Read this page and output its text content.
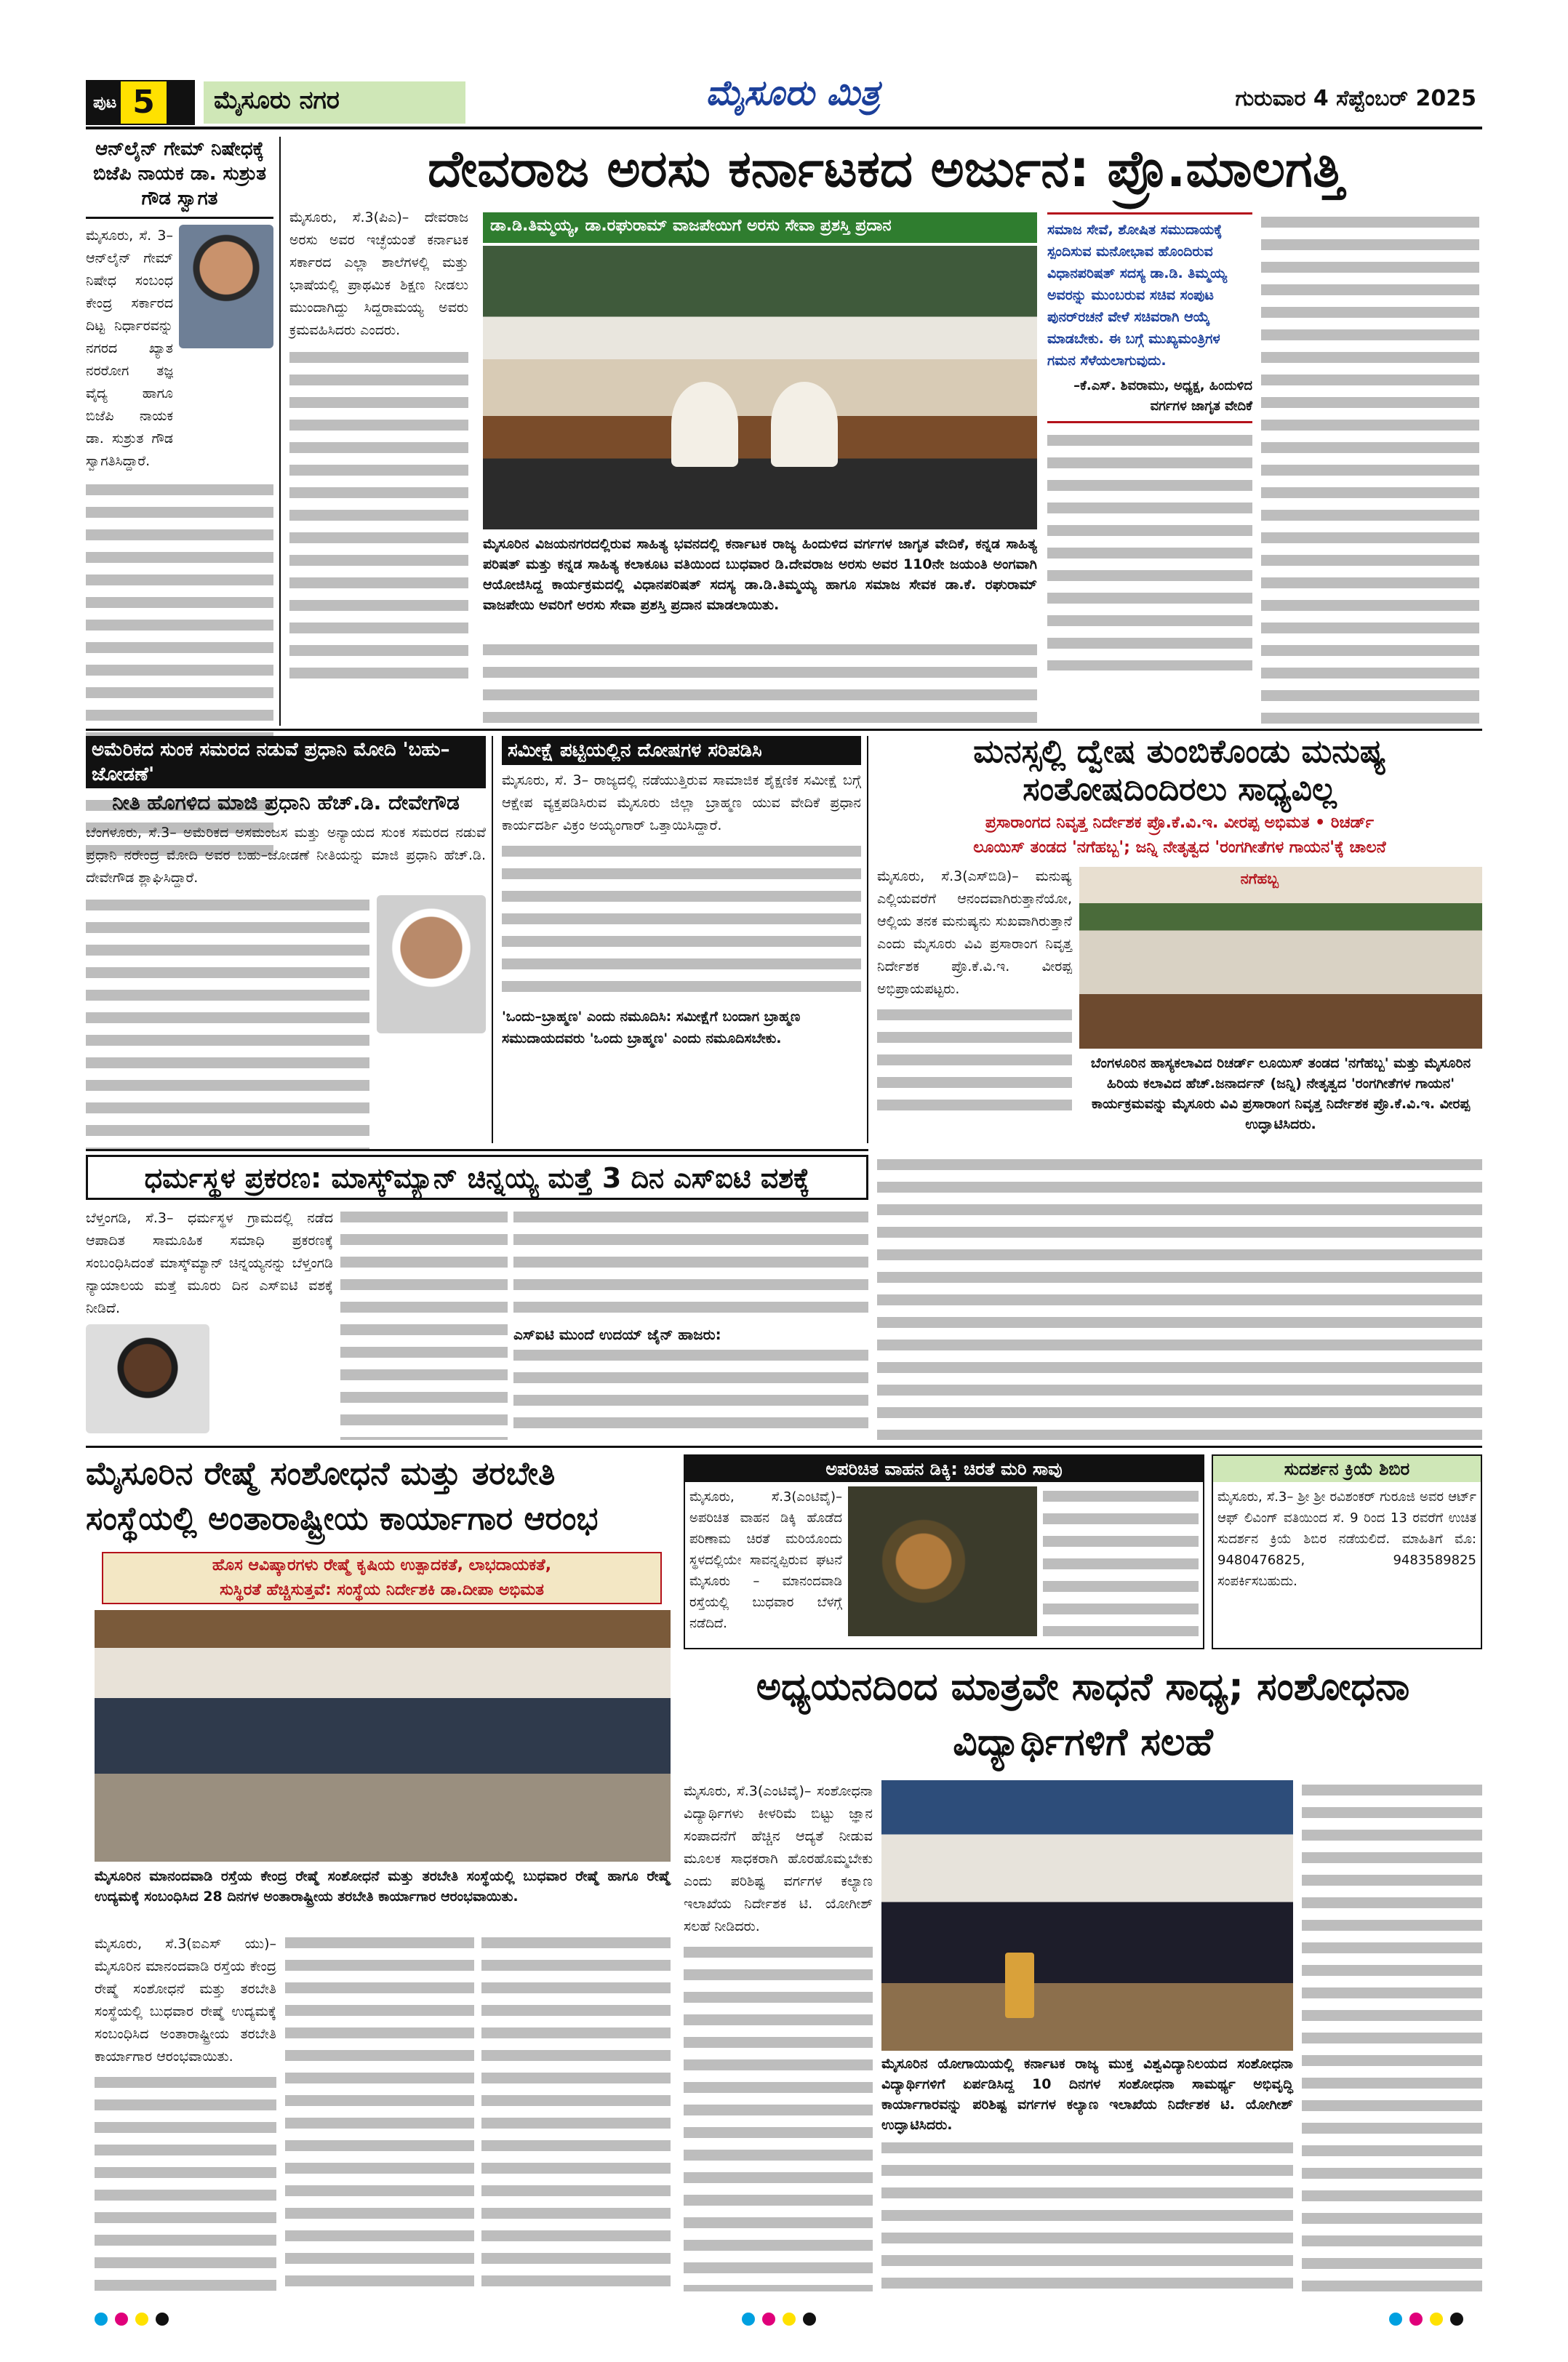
ಪುಟ 5	ಮೈಸೂರು ನಗರ	ಮೈಸೂರು ಮಿತ್ರ	ಗುರುವಾರ 4 ಸೆಪ್ಟೆಂಬರ್ 2025
ಆನ್‌ಲೈನ್ ಗೇಮ್ ನಿಷೇಧಕ್ಕೆ ಬಿಜೆಪಿ ನಾಯಕ ಡಾ. ಸುಶ್ರುತ ಗೌಡ ಸ್ವಾಗತ
ಮೈಸೂರು, ಸೆ. 3– ಆನ್‌ಲೈನ್ ಗೇಮ್ ನಿಷೇಧ ಸಂಬಂಧ ಕೇಂದ್ರ ಸರ್ಕಾರದ ದಿಟ್ಟ ನಿರ್ಧಾರವನ್ನು ನಗರದ ಖ್ಯಾತ ನರರೋಗ ತಜ್ಞ ವೈದ್ಯ ಹಾಗೂ ಬಿಜೆಪಿ ನಾಯಕ ಡಾ. ಸುಶ್ರುತ ಗೌಡ ಸ್ವಾಗತಿಸಿದ್ದಾರೆ.
ದೇವರಾಜ ಅರಸು ಕರ್ನಾಟಕದ ಅರ್ಜುನ: ಪ್ರೊ.ಮಾಲಗತ್ತಿ
ಮೈಸೂರು, ಸೆ.3(ಪಿಎ)– ದೇವರಾಜ ಅರಸು ಅವರ ಇಚ್ಛೆಯಂತೆ ಕರ್ನಾಟಕ ಸರ್ಕಾರದ ಎಲ್ಲಾ ಶಾಲೆಗಳಲ್ಲಿ ಮತ್ತು ಭಾಷೆಯಲ್ಲಿ ಪ್ರಾಥಮಿಕ ಶಿಕ್ಷಣ ನೀಡಲು ಮುಂದಾಗಿದ್ದು ಸಿದ್ದರಾಮಯ್ಯ ಅವರು ಕ್ರಮವಹಿಸಿದರು ಎಂದರು.
ಡಾ.ಡಿ.ತಿಮ್ಮಯ್ಯ, ಡಾ.ರಘುರಾಮ್ ವಾಜಪೇಯಿಗೆ ಅರಸು ಸೇವಾ ಪ್ರಶಸ್ತಿ ಪ್ರದಾನ
ಮೈಸೂರಿನ ವಿಜಯನಗರದಲ್ಲಿರುವ ಸಾಹಿತ್ಯ ಭವನದಲ್ಲಿ ಕರ್ನಾಟಕ ರಾಜ್ಯ ಹಿಂದುಳಿದ ವರ್ಗಗಳ ಜಾಗೃತ ವೇದಿಕೆ, ಕನ್ನಡ ಸಾಹಿತ್ಯ ಪರಿಷತ್ ಮತ್ತು ಕನ್ನಡ ಸಾಹಿತ್ಯ ಕಲಾಕೂಟ ವತಿಯಿಂದ ಬುಧವಾರ ಡಿ.ದೇವರಾಜ ಅರಸು ಅವರ 110ನೇ ಜಯಂತಿ ಅಂಗವಾಗಿ ಆಯೋಜಿಸಿದ್ದ ಕಾರ್ಯಕ್ರಮದಲ್ಲಿ ವಿಧಾನಪರಿಷತ್ ಸದಸ್ಯ ಡಾ.ಡಿ.ತಿಮ್ಮಯ್ಯ ಹಾಗೂ ಸಮಾಜ ಸೇವಕ ಡಾ.ಕೆ. ರಘುರಾಮ್ ವಾಜಪೇಯಿ ಅವರಿಗೆ ಅರಸು ಸೇವಾ ಪ್ರಶಸ್ತಿ ಪ್ರದಾನ ಮಾಡಲಾಯಿತು.
ಸಮಾಜ ಸೇವೆ, ಶೋಷಿತ ಸಮುದಾಯಕ್ಕೆ ಸ್ಪಂದಿಸುವ ಮನೋಭಾವ ಹೊಂದಿರುವ ವಿಧಾನಪರಿಷತ್ ಸದಸ್ಯ ಡಾ.ಡಿ. ತಿಮ್ಮಯ್ಯ ಅವರನ್ನು ಮುಂಬರುವ ಸಚಿವ ಸಂಪುಟ ಪುನರ್‌ರಚನೆ ವೇಳೆ ಸಚಿವರಾಗಿ ಆಯ್ಕೆ ಮಾಡಬೇಕು. ಈ ಬಗ್ಗೆ ಮುಖ್ಯಮಂತ್ರಿಗಳ ಗಮನ ಸೆಳೆಯಲಾಗುವುದು.
–ಕೆ.ಎಸ್. ಶಿವರಾಮು, ಅಧ್ಯಕ್ಷ, ಹಿಂದುಳಿದ ವರ್ಗಗಳ ಜಾಗೃತ ವೇದಿಕೆ
ಅಮೆರಿಕದ ಸುಂಕ ಸಮರದ ನಡುವೆ ಪ್ರಧಾನಿ ಮೋದಿ 'ಬಹು–ಜೋಡಣೆ'
ನೀತಿ ಹೊಗಳಿದ ಮಾಜಿ ಪ್ರಧಾನಿ ಹೆಚ್.ಡಿ. ದೇವೇಗೌಡ
ಬೆಂಗಳೂರು, ಸೆ.3– ಅಮೆರಿಕದ ಅಸಮಂಜಸ ಮತ್ತು ಅನ್ಯಾಯದ ಸುಂಕ ಸಮರದ ನಡುವೆ ಪ್ರಧಾನಿ ನರೇಂದ್ರ ಮೋದಿ ಅವರ ಬಹು–ಜೋಡಣೆ ನೀತಿಯನ್ನು ಮಾಜಿ ಪ್ರಧಾನಿ ಹೆಚ್.ಡಿ. ದೇವೇಗೌಡ ಶ್ಲಾಘಿಸಿದ್ದಾರೆ.
ಸಮೀಕ್ಷೆ ಪಟ್ಟಿಯಲ್ಲಿನ ದೋಷಗಳ ಸರಿಪಡಿಸಿ
ಮೈಸೂರು, ಸೆ. 3– ರಾಜ್ಯದಲ್ಲಿ ನಡೆಯುತ್ತಿರುವ ಸಾಮಾಜಿಕ ಶೈಕ್ಷಣಿಕ ಸಮೀಕ್ಷೆ ಬಗ್ಗೆ ಆಕ್ಷೇಪ ವ್ಯಕ್ತಪಡಿಸಿರುವ ಮೈಸೂರು ಜಿಲ್ಲಾ ಬ್ರಾಹ್ಮಣ ಯುವ ವೇದಿಕೆ ಪ್ರಧಾನ ಕಾರ್ಯದರ್ಶಿ ವಿಕ್ರಂ ಅಯ್ಯಂಗಾರ್ ಒತ್ತಾಯಿಸಿದ್ದಾರೆ.
'ಒಂದು–ಬ್ರಾಹ್ಮಣ' ಎಂದು ನಮೂದಿಸಿ: ಸಮೀಕ್ಷೆಗೆ ಬಂದಾಗ ಬ್ರಾಹ್ಮಣ ಸಮುದಾಯದವರು 'ಒಂದು ಬ್ರಾಹ್ಮಣ' ಎಂದು ನಮೂದಿಸಬೇಕು.
ಮನಸ್ಸಲ್ಲಿ ದ್ವೇಷ ತುಂಬಿಕೊಂಡು ಮನುಷ್ಯ ಸಂತೋಷದಿಂದಿರಲು ಸಾಧ್ಯವಿಲ್ಲ
ಪ್ರಸಾರಾಂಗದ ನಿವೃತ್ತ ನಿರ್ದೇಶಕ ಪ್ರೊ.ಕೆ.ವಿ.ಇ. ವೀರಪ್ಪ ಅಭಿಮತ • ರಿಚರ್ಡ್
ಲೂಯಿಸ್ ತಂಡದ 'ನಗೆಹಬ್ಬ'; ಜನ್ನಿ ನೇತೃತ್ವದ 'ರಂಗಗೀತೆಗಳ ಗಾಯನ'ಕ್ಕೆ ಚಾಲನೆ
ಮೈಸೂರು, ಸೆ.3(ಎಸ್‌ಬಿಡಿ)– ಮನುಷ್ಯ ಎಲ್ಲಿಯವರೆಗೆ ಆನಂದವಾಗಿರುತ್ತಾನೆಯೋ, ಆಲ್ಲಿಯ ತನಕ ಮನುಷ್ಯನು ಸುಖವಾಗಿರುತ್ತಾನೆ ಎಂದು ಮೈಸೂರು ವಿವಿ ಪ್ರಸಾರಾಂಗ ನಿವೃತ್ತ ನಿರ್ದೇಶಕ ಪ್ರೊ.ಕೆ.ವಿ.ಇ. ವೀರಪ್ಪ ಅಭಿಪ್ರಾಯಪಟ್ಟರು.
ನಗೆಹಬ್ಬ
ಬೆಂಗಳೂರಿನ ಹಾಸ್ಯಕಲಾವಿದ ರಿಚರ್ಡ್ ಲೂಯಿಸ್ ತಂಡದ 'ನಗೆಹಬ್ಬ' ಮತ್ತು ಮೈಸೂರಿನ ಹಿರಿಯ ಕಲಾವಿದ ಹೆಚ್.ಜನಾರ್ದನ್ (ಜನ್ನಿ) ನೇತೃತ್ವದ 'ರಂಗಗೀತೆಗಳ ಗಾಯನ' ಕಾರ್ಯಕ್ರಮವನ್ನು ಮೈಸೂರು ವಿವಿ ಪ್ರಸಾರಾಂಗ ನಿವೃತ್ತ ನಿರ್ದೇಶಕ ಪ್ರೊ.ಕೆ.ವಿ.ಇ. ವೀರಪ್ಪ ಉದ್ಘಾಟಿಸಿದರು.
ಧರ್ಮಸ್ಥಳ ಪ್ರಕರಣ: ಮಾಸ್ಕ್‌ಮ್ಯಾನ್ ಚಿನ್ನಯ್ಯ ಮತ್ತೆ 3 ದಿನ ಎಸ್‌ಐಟಿ ವಶಕ್ಕೆ
ಬೆಳ್ತಂಗಡಿ, ಸೆ.3– ಧರ್ಮಸ್ಥಳ ಗ್ರಾಮದಲ್ಲಿ ನಡೆದ ಆಪಾದಿತ ಸಾಮೂಹಿಕ ಸಮಾಧಿ ಪ್ರಕರಣಕ್ಕೆ ಸಂಬಂಧಿಸಿದಂತೆ ಮಾಸ್ಕ್‌ಮ್ಯಾನ್ ಚಿನ್ನಯ್ಯನನ್ನು ಬೆಳ್ತಂಗಡಿ ನ್ಯಾಯಾಲಯ ಮತ್ತೆ ಮೂರು ದಿನ ಎಸ್‌ಐಟಿ ವಶಕ್ಕೆ ನೀಡಿದೆ.
ಎಸ್‌ಐಟಿ ಮುಂದೆ ಉದಯ್ ಜೈನ್ ಹಾಜರು:
ಮೈಸೂರಿನ ರೇಷ್ಮೆ ಸಂಶೋಧನೆ ಮತ್ತು ತರಬೇತಿ ಸಂಸ್ಥೆಯಲ್ಲಿ ಅಂತಾರಾಷ್ಟ್ರೀಯ ಕಾರ್ಯಾಗಾರ ಆರಂಭ
ಹೊಸ ಆವಿಷ್ಕಾರಗಳು ರೇಷ್ಮೆ ಕೃಷಿಯ ಉತ್ಪಾದಕತೆ, ಲಾಭದಾಯಕತೆ,
ಸುಸ್ಥಿರತೆ ಹೆಚ್ಚಿಸುತ್ತವೆ: ಸಂಸ್ಥೆಯ ನಿರ್ದೇಶಕಿ ಡಾ.ದೀಪಾ ಅಭಿಮತ
ಮೈಸೂರಿನ ಮಾನಂದವಾಡಿ ರಸ್ತೆಯ ಕೇಂದ್ರ ರೇಷ್ಮೆ ಸಂಶೋಧನೆ ಮತ್ತು ತರಬೇತಿ ಸಂಸ್ಥೆಯಲ್ಲಿ ಬುಧವಾರ ರೇಷ್ಮೆ ಹಾಗೂ ರೇಷ್ಮೆ ಉದ್ಯಮಕ್ಕೆ ಸಂಬಂಧಿಸಿದ 28 ದಿನಗಳ ಅಂತಾರಾಷ್ಟ್ರೀಯ ತರಬೇತಿ ಕಾರ್ಯಾಗಾರ ಆರಂಭವಾಯಿತು.
ಮೈಸೂರು, ಸೆ.3(ಐಎಸ್ ಯು)– ಮೈಸೂರಿನ ಮಾನಂದವಾಡಿ ರಸ್ತೆಯ ಕೇಂದ್ರ ರೇಷ್ಮೆ ಸಂಶೋಧನೆ ಮತ್ತು ತರಬೇತಿ ಸಂಸ್ಥೆಯಲ್ಲಿ ಬುಧವಾರ ರೇಷ್ಮೆ ಉದ್ಯಮಕ್ಕೆ ಸಂಬಂಧಿಸಿದ ಅಂತಾರಾಷ್ಟ್ರೀಯ ತರಬೇತಿ ಕಾರ್ಯಾಗಾರ ಆರಂಭವಾಯಿತು.
ಅಪರಿಚಿತ ವಾಹನ ಡಿಕ್ಕಿ: ಚಿರತೆ ಮರಿ ಸಾವು
ಮೈಸೂರು, ಸೆ.3(ಎಂಟಿವೈ)– ಅಪರಿಚಿತ ವಾಹನ ಡಿಕ್ಕಿ ಹೊಡೆದ ಪರಿಣಾಮ ಚಿರತೆ ಮರಿಯೊಂದು ಸ್ಥಳದಲ್ಲಿಯೇ ಸಾವನ್ನಪ್ಪಿರುವ ಘಟನೆ ಮೈಸೂರು – ಮಾನಂದವಾಡಿ ರಸ್ತೆಯಲ್ಲಿ ಬುಧವಾರ ಬೆಳಗ್ಗೆ ನಡೆದಿದೆ.
ಸುದರ್ಶನ ಕ್ರಿಯೆ ಶಿಬಿರ
ಮೈಸೂರು, ಸೆ.3– ಶ್ರೀ ಶ್ರೀ ರವಿಶಂಕರ್ ಗುರೂಜಿ ಅವರ ಆರ್ಟ್ ಆಫ್ ಲಿವಿಂಗ್ ವತಿಯಿಂದ ಸೆ. 9 ರಿಂದ 13 ರವರೆಗೆ ಉಚಿತ ಸುದರ್ಶನ ಕ್ರಿಯೆ ಶಿಬಿರ ನಡೆಯಲಿದೆ. ಮಾಹಿತಿಗೆ ಮೊ: 9480476825, 9483589825 ಸಂಪರ್ಕಿಸಬಹುದು.
ಅಧ್ಯಯನದಿಂದ ಮಾತ್ರವೇ ಸಾಧನೆ ಸಾಧ್ಯ; ಸಂಶೋಧನಾ ವಿದ್ಯಾರ್ಥಿಗಳಿಗೆ ಸಲಹೆ
ಮೈಸೂರು, ಸೆ.3(ಎಂಟಿವೈ)– ಸಂಶೋಧನಾ ವಿದ್ಯಾರ್ಥಿಗಳು ಕೀಳರಿಮೆ ಬಿಟ್ಟು ಜ್ಞಾನ ಸಂಪಾದನೆಗೆ ಹೆಚ್ಚಿನ ಆದ್ಯತೆ ನೀಡುವ ಮೂಲಕ ಸಾಧಕರಾಗಿ ಹೊರಹೊಮ್ಮಬೇಕು ಎಂದು ಪರಿಶಿಷ್ಟ ವರ್ಗಗಳ ಕಲ್ಯಾಣ ಇಲಾಖೆಯ ನಿರ್ದೇಶಕ ಟಿ. ಯೋಗೀಶ್ ಸಲಹೆ ನೀಡಿದರು.
ಮೈಸೂರಿನ ಯೋಗಾಯಿಯಲ್ಲಿ ಕರ್ನಾಟಕ ರಾಜ್ಯ ಮುಕ್ತ ವಿಶ್ವವಿದ್ಯಾನಿಲಯದ ಸಂಶೋಧನಾ ವಿದ್ಯಾರ್ಥಿಗಳಿಗೆ ಏರ್ಪಡಿಸಿದ್ದ 10 ದಿನಗಳ ಸಂಶೋಧನಾ ಸಾಮರ್ಥ್ಯ ಅಭಿವೃದ್ಧಿ ಕಾರ್ಯಾಗಾರವನ್ನು ಪರಿಶಿಷ್ಟ ವರ್ಗಗಳ ಕಲ್ಯಾಣ ಇಲಾಖೆಯ ನಿರ್ದೇಶಕ ಟಿ. ಯೋಗೀಶ್ ಉದ್ಘಾಟಿಸಿದರು.
